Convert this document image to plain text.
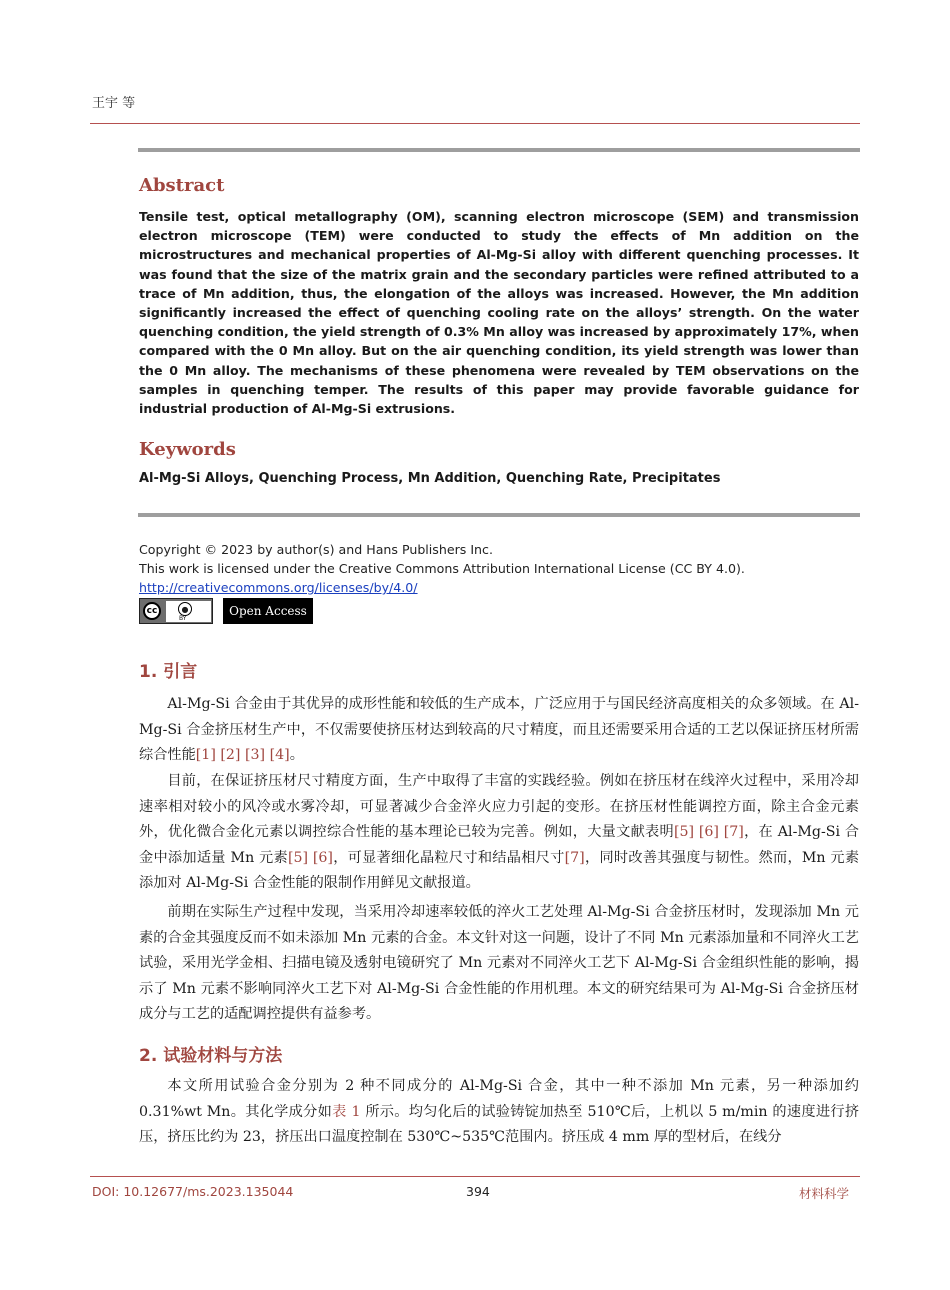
王宇 等
Abstract
Tensile test, optical metallography (OM), scanning electron microscope (SEM) and transmission electron microscope (TEM) were conducted to study the effects of Mn addition on the microstructures and mechanical properties of Al-Mg-Si alloy with different quenching processes. It was found that the size of the matrix grain and the secondary particles were refined attributed to a trace of Mn addition, thus, the elongation of the alloys was increased. However, the Mn addition significantly increased the effect of quenching cooling rate on the alloys’ strength. On the water quenching condition, the yield strength of 0.3% Mn alloy was increased by approximately 17%, when compared with the 0 Mn alloy. But on the air quenching condition, its yield strength was lower than the 0 Mn alloy. The mechanisms of these phenomena were revealed by TEM observations on the samples in quenching temper. The results of this paper may provide favorable guidance for industrial production of Al-Mg-Si extrusions.
Keywords
Al-Mg-Si Alloys, Quenching Process, Mn Addition, Quenching Rate, Precipitates
Copyright © 2023 by author(s) and Hans Publishers Inc.
This work is licensed under the Creative Commons Attribution International License (CC BY 4.0).
http://creativecommons.org/licenses/by/4.0/
cc	●
BY
Open Access
1. 引言
Al-Mg-Si 合金由于其优异的成形性能和较低的生产成本，广泛应用于与国民经济高度相关的众多领域。在 Al-Mg-Si 合金挤压材生产中，不仅需要使挤压材达到较高的尺寸精度，而且还需要采用合适的工艺以保证挤压材所需综合性能[1] [2] [3] [4]。
目前，在保证挤压材尺寸精度方面，生产中取得了丰富的实践经验。例如在挤压材在线淬火过程中，采用冷却速率相对较小的风冷或水雾冷却，可显著减少合金淬火应力引起的变形。在挤压材性能调控方面，除主合金元素外，优化微合金化元素以调控综合性能的基本理论已较为完善。例如，大量文献表明[5] [6] [7]，在 Al-Mg-Si 合金中添加适量 Mn 元素[5] [6]，可显著细化晶粒尺寸和结晶相尺寸[7]，同时改善其强度与韧性。然而，Mn 元素添加对 Al-Mg-Si 合金性能的限制作用鲜见文献报道。
前期在实际生产过程中发现，当采用冷却速率较低的淬火工艺处理 Al-Mg-Si 合金挤压材时，发现添加 Mn 元素的合金其强度反而不如未添加 Mn 元素的合金。本文针对这一问题，设计了不同 Mn 元素添加量和不同淬火工艺试验，采用光学金相、扫描电镜及透射电镜研究了 Mn 元素对不同淬火工艺下 Al-Mg-Si 合金组织性能的影响，揭示了 Mn 元素不影响同淬火工艺下对 Al-Mg-Si 合金性能的作用机理。本文的研究结果可为 Al-Mg-Si 合金挤压材成分与工艺的适配调控提供有益参考。
2. 试验材料与方法
本文所用试验合金分别为 2 种不同成分的 Al-Mg-Si 合金，其中一种不添加 Mn 元素，另一种添加约 0.31%wt Mn。其化学成分如表 1 所示。均匀化后的试验铸锭加热至 510℃后，上机以 5 m/min 的速度进行挤压，挤压比约为 23，挤压出口温度控制在 530℃~535℃范围内。挤压成 4 mm 厚的型材后，在线分
DOI: 10.12677/ms.2023.135044	394	材料科学
